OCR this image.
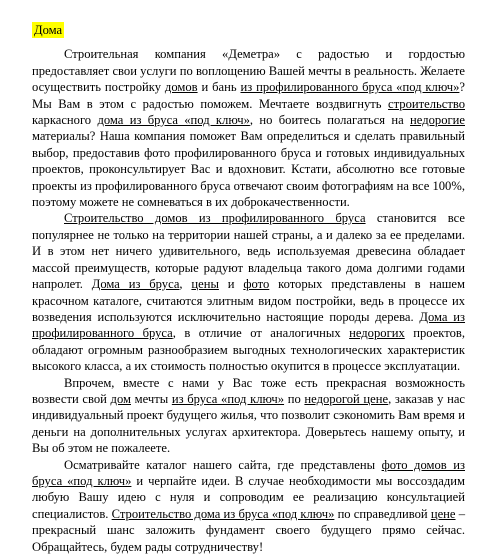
Дома

Строительная компания «Деметра» с радостью и гордостью предоставляет свои услуги по воплощению Вашей мечты в реальность. Желаете осуществить постройку домов и бань из профилированного бруса «под ключ»? Мы Вам в этом с радостью поможем. Мечтаете воздвигнуть строительство каркасного дома из бруса «под ключ», но боитесь полагаться на недорогие материалы? Наша компания поможет Вам определиться и сделать правильный выбор, предоставив фото профилированного бруса и готовых индивидуальных проектов, проконсультирует Вас и вдохновит. Кстати, абсолютно все готовые проекты из профилированного бруса отвечают своим фотографиям на все 100%, поэтому можете не сомневаться в их доброкачественности.

Строительство домов из профилированного бруса становится все популярнее не только на территории нашей страны, а и далеко за ее пределами. И в этом нет ничего удивительного, ведь используемая древесина обладает массой преимуществ, которые радуют владельца такого дома долгими годами напролет. Дома из бруса, цены и фото которых представлены в нашем красочном каталоге, считаются элитным видом постройки, ведь в процессе их возведения используются исключительно настоящие породы дерева. Дома из профилированного бруса, в отличие от аналогичных недорогих проектов, обладают огромным разнообразием выгодных технологических характеристик высокого класса, а их стоимость полностью окупится в процессе эксплуатации.

Впрочем, вместе с нами у Вас тоже есть прекрасная возможность возвести свой дом мечты из бруса «под ключ» по недорогой цене, заказав у нас индивидуальный проект будущего жилья, что позволит сэкономить Вам время и деньги на дополнительных услугах архитектора. Доверьтесь нашему опыту, и Вы об этом не пожалеете.

Осматривайте каталог нашего сайта, где представлены фото домов из бруса «под ключ» и черпайте идеи. В случае необходимости мы воссоздадим любую Вашу идею с нуля и сопроводим ее реализацию консультацией специалистов. Строительство дома из бруса «под ключ» по справедливой цене – прекрасный шанс заложить фундамент своего будущего прямо сейчас. Обращайтесь, будем рады сотрудничеству!
